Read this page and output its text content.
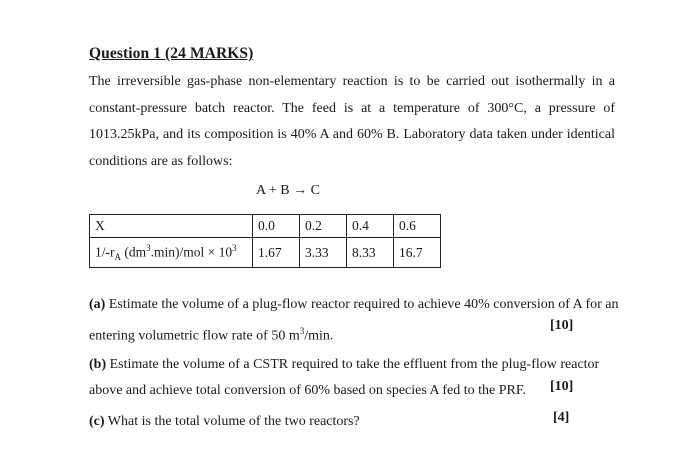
Question 1 (24 MARKS)

The irreversible gas-phase non-elementary reaction is to be carried out isothermally in a constant-pressure batch reactor. The feed is at a temperature of 300°C, a pressure of 1013.25kPa, and its composition is 40% A and 60% B. Laboratory data taken under identical conditions are as follows:

A + B → C
X	0.0	0.2	0.4	0.6
$1/-r_A$ $(dm^3.\min)$/mol × $10^3$	1.67	3.33	8.33	16.7

(a) Estimate the volume of a plug-flow reactor required to achieve 40% conversion of A for an entering volumetric flow rate of 50 $m^3/\min$.

[10]

(b) Estimate the volume of a CSTR required to take the effluent from the plug-flow reactor above and achieve total conversion of 60% based on species A fed to the PRF.	[10]

(c) What is the total volume of the two reactors?	[4]
